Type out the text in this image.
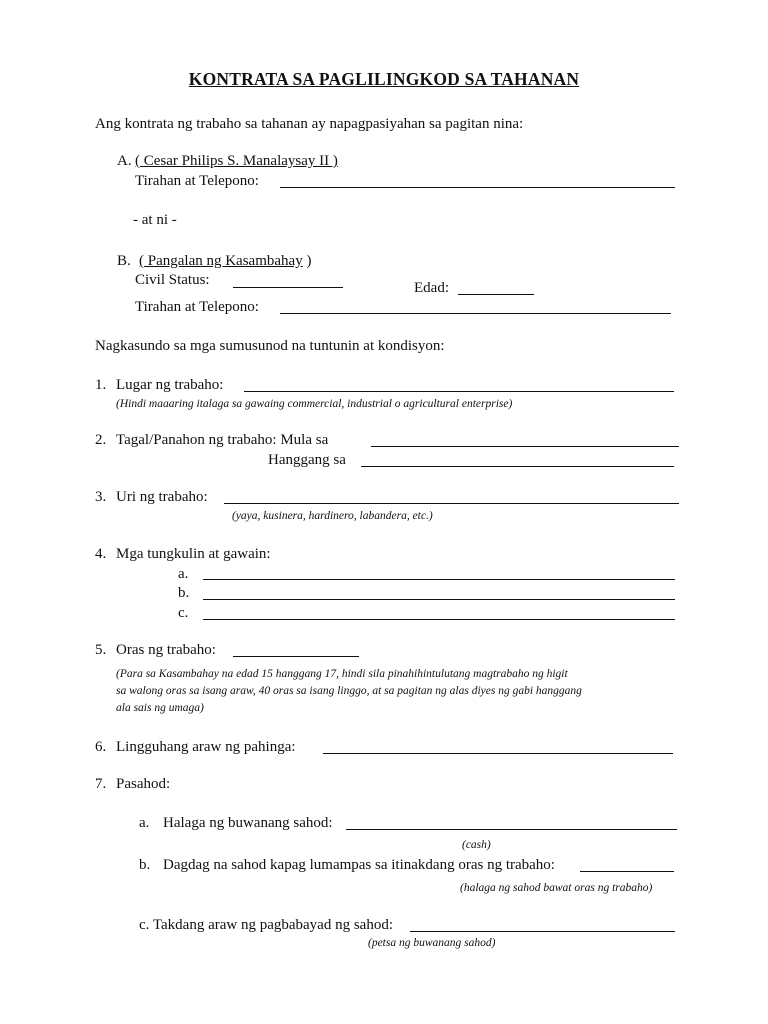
KONTRATA SA PAGLILINGKOD SA TAHANAN
Ang kontrata ng trabaho sa tahanan ay napagpasiyahan sa pagitan nina:
A. ( Cesar Philips S. Manalaysay II )
Tirahan at Telepono:
- at ni -
B. ( Pangalan ng Kasambahay )
Civil Status:	Edad:
Tirahan at Telepono:
Nagkasundo sa mga sumusunod na tuntunin at kondisyon:
1. Lugar ng trabaho:
(Hindi maaaring italaga sa gawaing commercial, industrial o agricultural enterprise)
2. Tagal/Panahon ng trabaho: Mula sa
Hanggang sa
3. Uri ng trabaho:
(yaya, kusinera, hardinero, labandera, etc.)
4. Mga tungkulin at gawain:
a.
b.
c.
5. Oras ng trabaho:
(Para sa Kasambahay na edad 15 hanggang 17, hindi sila pinahihintulutang magtrabaho ng higit
sa walong oras sa isang araw, 40 oras sa isang linggo, at sa pagitan ng alas diyes ng gabi hanggang
ala sais ng umaga)
6. Lingguhang araw ng pahinga:
7. Pasahod:
a. Halaga ng buwanang sahod:
(cash)
b. Dagdag na sahod kapag lumampas sa itinakdang oras ng trabaho:
(halaga ng sahod bawat oras ng trabaho)
c. Takdang araw ng pagbabayad ng sahod:
(petsa ng buwanang sahod)
